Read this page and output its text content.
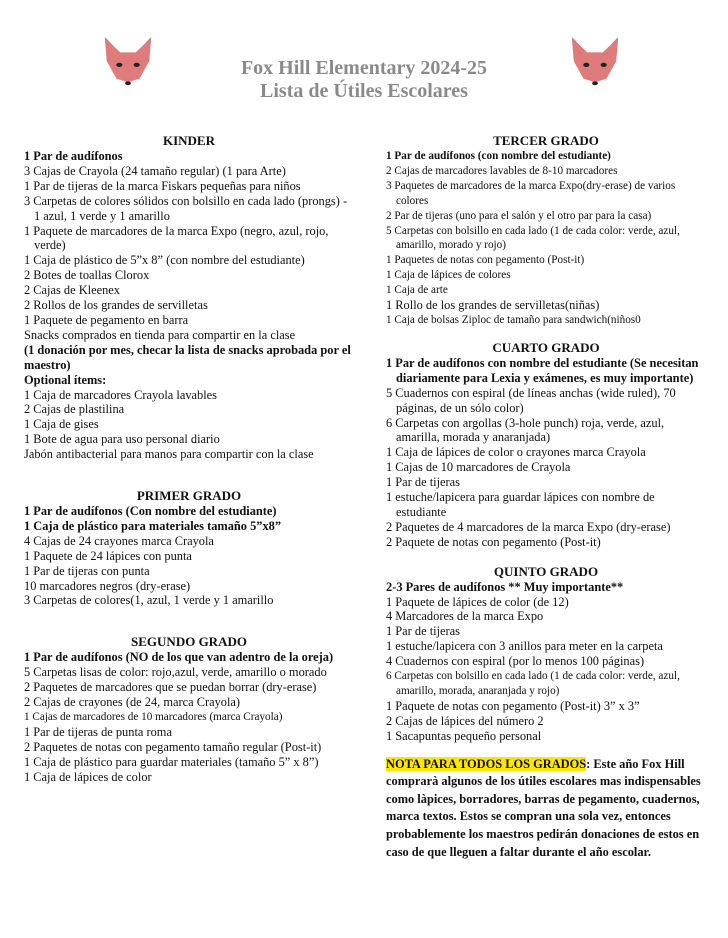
Fox Hill Elementary 2024-25
Lista de Útiles Escolares
KINDER
1 Par de audífonos
3 Cajas de Crayola (24 tamaño regular) (1 para Arte)
1 Par de tijeras de la marca Fiskars pequeñas para niños
3 Carpetas de colores sólidos con bolsillo en cada lado (prongs) - 1 azul, 1 verde y 1 amarillo
1 Paquete de marcadores de la marca Expo (negro, azul, rojo, verde)
1 Caja de plástico de 5”x 8” (con nombre del estudiante)
2 Botes de toallas Clorox
2 Cajas de Kleenex
2 Rollos de los grandes de servilletas
1 Paquete de pegamento en barra
Snacks comprados en tienda para compartir en la clase
(1 donación por mes, checar la lista de snacks aprobada por el maestro)
Optional ítems:
1 Caja de marcadores Crayola lavables
2 Cajas de plastilina
1 Caja de gises
1 Bote de agua para uso personal diario
Jabón antibacterial para manos para compartir con la clase
PRIMER GRADO
1 Par de audífonos (Con nombre del estudiante)
1 Caja de plástico para materiales tamaño 5”x8”
4 Cajas de 24 crayones marca Crayola
1 Paquete de 24 lápices con punta
1 Par de tijeras con punta
10 marcadores negros (dry-erase)
3 Carpetas de colores(1, azul, 1 verde y 1 amarillo
SEGUNDO GRADO
1 Par de audífonos (NO de los que van adentro de la oreja)
5 Carpetas lisas de color: rojo,azul, verde, amarillo o morado
2 Paquetes de marcadores que se puedan borrar (dry-erase)
2 Cajas de crayones (de 24, marca Crayola)
1 Cajas de marcadores de 10 marcadores (marca Crayola)
1 Par de tijeras de punta roma
2 Paquetes de notas con pegamento tamaño regular (Post-it)
1 Caja de plástico para guardar materiales (tamaño 5” x 8”)
1 Caja de lápices de color
TERCER GRADO
1 Par de audífonos (con nombre del estudiante)
2 Cajas de marcadores lavables de 8-10 marcadores
3 Paquetes de marcadores de la marca Expo(dry-erase) de varios colores
2 Par de tijeras (uno para el salón y el otro par para la casa)
5 Carpetas con bolsillo en cada lado (1 de cada color: verde, azul, amarillo, morado y rojo)
1 Paquetes de notas con pegamento (Post-it)
1 Caja de lápices de colores
1 Caja de arte
1 Rollo de los grandes de servilletas(niñas)
1 Caja de bolsas Ziploc de tamaño para sandwich(niños0
CUARTO GRADO
1 Par de audífonos con nombre del estudiante (Se necesitan diariamente para Lexia y exámenes, es muy importante)
5 Cuadernos con espiral (de líneas anchas (wide ruled), 70 páginas, de un sólo color)
6 Carpetas con argollas (3-hole punch) roja, verde, azul, amarilla, morada y anaranjada)
1 Caja de lápices de color o crayones marca Crayola
1 Cajas de 10 marcadores de Crayola
1 Par de tijeras
1 estuche/lapicera para guardar lápices con nombre de estudiante
2 Paquetes de 4 marcadores de la marca Expo (dry-erase)
2 Paquete de notas con pegamento (Post-it)
QUINTO GRADO
2-3 Pares de audífonos ** Muy importante**
1 Paquete de lápices de color (de 12)
4 Marcadores de la marca Expo
1 Par de tijeras
1 estuche/lapicera con 3 anillos para meter en la carpeta
4 Cuadernos con espiral (por lo menos 100 páginas)
6 Carpetas con bolsillo en cada lado (1 de cada color: verde, azul, amarillo, morada, anaranjada y rojo)
1 Paquete de notas con pegamento (Post-it) 3” x 3”
2 Cajas de lápices del número 2
1 Sacapuntas pequeño personal
NOTA PARA TODOS LOS GRADOS: Este año Fox Hill comprarà algunos de los útiles escolares mas indispensables como làpices, borradores, barras de pegamento, cuadernos, marca textos. Estos se compran una sola vez, entonces probablemente los maestros pedirán donaciones de estos en caso de que lleguen a faltar durante el año escolar.
